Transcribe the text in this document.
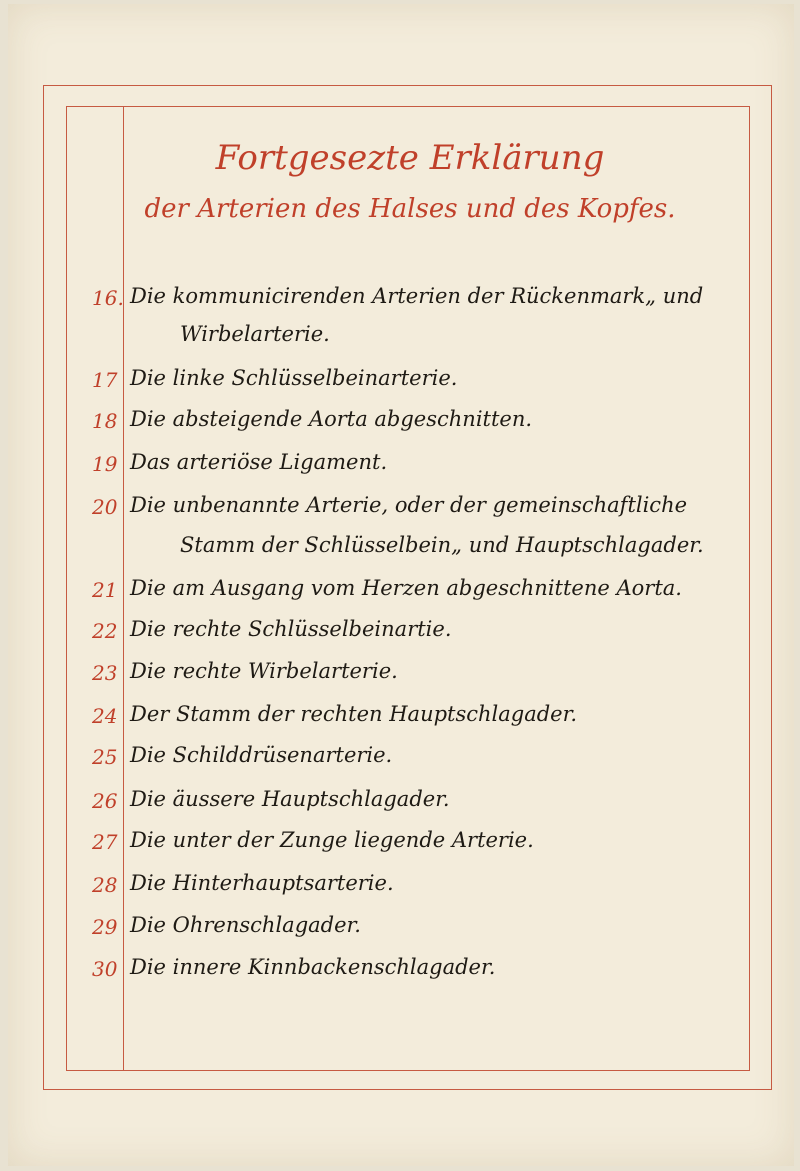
Fortgesezte Erklärung
der Arterien des Halses und des Kopfes.
16. Die kommunicirenden Arterien der Rückenmark„ und
Wirbelarterie.
17 Die linke Schlüsselbeinarterie.
18 Die absteigende Aorta abgeschnitten.
19 Das arteriöse Ligament.
20 Die unbenannte Arterie, oder der gemeinschaftliche
Stamm der Schlüsselbein„ und Hauptschlagader.
21 Die am Ausgang vom Herzen abgeschnittene Aorta.
22 Die rechte Schlüsselbeinartie.
23 Die rechte Wirbelarterie.
24 Der Stamm der rechten Hauptschlagader.
25 Die Schilddrüsenarterie.
26 Die äussere Hauptschlagader.
27 Die unter der Zunge liegende Arterie.
28 Die Hinterhauptsarterie.
29 Die Ohrenschlagader.
30 Die innere Kinnbackenschlagader.
